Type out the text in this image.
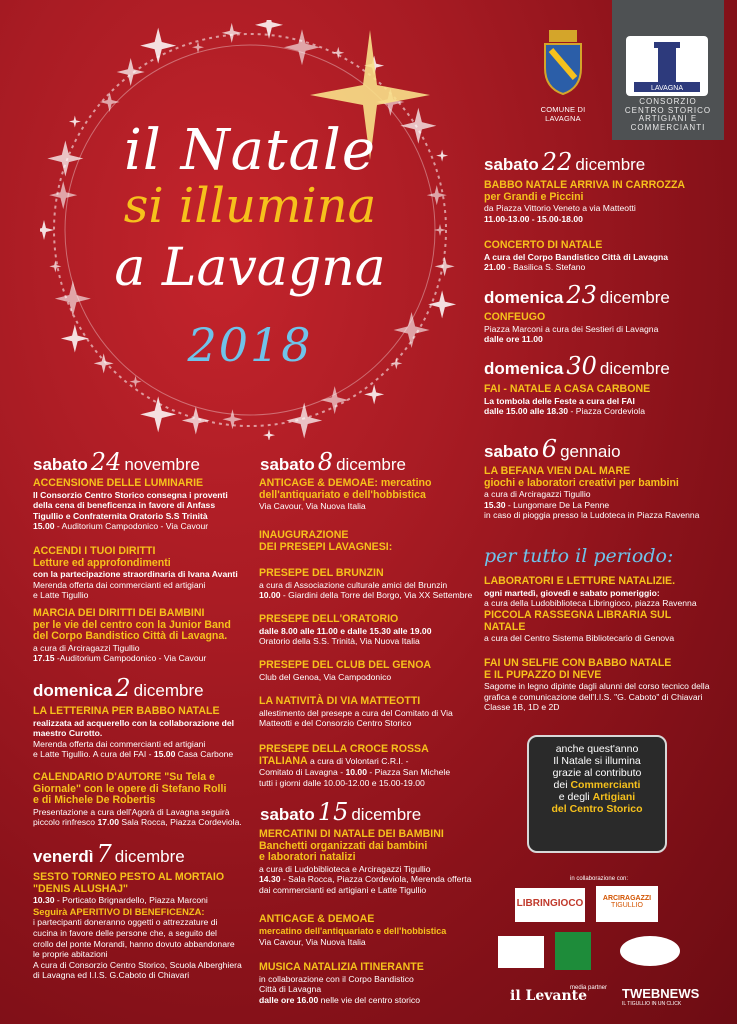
il Natale
si illumina
a Lavagna
2018
COMUNE DI LAVAGNA
LAVAGNA
CONSORZIO
CENTRO STORICO
ARTIGIANI E
COMMERCIANTI
sabato 24 novembre
ACCENSIONE DELLE LUMINARIE
Il Consorzio Centro Storico consegna i proventi
della cena di beneficenza in favore di Anfass
Tigullio e Confraternita Oratorio S.S Trinità
15.00 - Auditorium Campodonico - Via Cavour
ACCENDI I TUOI DIRITTI
Letture ed approfondimenti
con la partecipazione straordinaria di Ivana Avanti
Merenda offerta dai commercianti ed artigiani
e Latte Tigullio
MARCIA DEI DIRITTI DEI BAMBINI
per le vie del centro con la Junior Band
del Corpo Bandistico Città di Lavagna.
a cura di Arciragazzi Tigullio
17.15 -Auditorium Campodonico - Via Cavour
domenica 2 dicembre
LA LETTERINA PER BABBO NATALE
realizzata ad acquerello con la collaborazione del
maestro Curotto.
Merenda offerta dai commercianti ed artigiani
e Latte Tigullio. A cura del FAI - 15.00 Casa Carbone
CALENDARIO D'AUTORE "Su Tela e
Giornale" con le opere di Stefano Rolli
e di Michele De Robertis
Presentazione a cura dell'Agorà di Lavagna seguirà
piccolo rinfresco 17.00 Sala Rocca, Piazza Cordeviola.
venerdì 7 dicembre
SESTO TORNEO PESTO AL MORTAIO
"DENIS ALUSHAJ"
10.30 - Porticato Brignardello, Piazza Marconi
Seguirà APERITIVO DI BENEFICENZA:
i partecipanti doneranno oggetti o attrezzature di
cucina in favore delle persone che, a seguito del
crollo del ponte Morandi, hanno dovuto abbandonare
le proprie abitazioni
A cura di Consorzio Centro Storico, Scuola Alberghiera
di Lavagna ed I.I.S. G.Caboto di Chiavari
sabato 8 dicembre
ANTICAGE & DEMOAE: mercatino
dell'antiquariato e dell'hobbistica
Via Cavour, Via Nuova Italia
INAUGURAZIONE
DEI PRESEPI LAVAGNESI:
PRESEPE DEL BRUNZIN
a cura di Associazione culturale amici del Brunzin
10.00 - Giardini della Torre del Borgo, Via XX Settembre
PRESEPE DELL'ORATORIO
dalle 8.00 alle 11.00 e dalle 15.30 alle 19.00
Oratorio della S.S. Trinità, Via Nuova Italia
PRESEPE DEL CLUB DEL GENOA
Club del Genoa, Via Campodonico
LA NATIVITÀ DI VIA MATTEOTTI
allestimento del presepe a cura del Comitato di Via
Matteotti e del Consorzio Centro Storico
PRESEPE DELLA CROCE ROSSA
ITALIANA a cura di Volontari C.R.I. -
Comitato di Lavagna - 10.00 - Piazza San Michele
tutti i giorni dalle 10.00-12.00 e 15.00-19.00
sabato 15 dicembre
MERCATINI DI NATALE DEI BAMBINI
Banchetti organizzati dai bambini
e laboratori natalizi
a cura di Ludobiblioteca e Arciragazzi Tigullio
14.30 - Sala Rocca, Piazza Cordeviola, Merenda offerta
dai commercianti ed artigiani e Latte Tigullio
ANTICAGE & DEMOAE
mercatino dell'antiquariato e dell'hobbistica
Via Cavour, Via Nuova Italia
MUSICA NATALIZIA ITINERANTE
in collaborazione con il Corpo Bandistico
Città di Lavagna
dalle ore 16.00 nelle vie del centro storico
sabato 22 dicembre
BABBO NATALE ARRIVA IN CARROZZA
per Grandi e Piccini
da Piazza Vittorio Veneto a via Matteotti
11.00-13.00 - 15.00-18.00
CONCERTO DI NATALE
A cura del Corpo Bandistico Città di Lavagna
21.00 - Basilica S. Stefano
domenica 23 dicembre
CONFEUGO
Piazza Marconi a cura dei Sestieri di Lavagna
dalle ore 11.00
domenica 30 dicembre
FAI - NATALE A CASA CARBONE
La tombola delle Feste a cura del FAI
dalle 15.00 alle 18.30 - Piazza Cordeviola
sabato 6 gennaio
LA BEFANA VIEN DAL MARE
giochi e laboratori creativi per bambini
a cura di Arciragazzi Tigullio
15.30 - Lungomare De La Penne
in caso di pioggia presso la Ludoteca in Piazza Ravenna
per tutto il periodo:
LABORATORI E LETTURE NATALIZIE.
ogni martedì, giovedì e sabato pomeriggio:
a cura della Ludobiblioteca Libringioco, piazza Ravenna
PICCOLA RASSEGNA LIBRARIA SUL
NATALE
a cura del Centro Sistema Bibliotecario di Genova
FAI UN SELFIE CON BABBO NATALE
E IL PUPAZZO DI NEVE
Sagome in legno dipinte dagli alunni del corso tecnico della
grafica e comunicazione dell'I.I.S. "G. Caboto" di Chiavari
Classe 1B, 1D e 2D
anche quest'anno
Il Natale si illumina
grazie al contributo
dei Commercianti
e degli Artigiani
del Centro Storico
in collaborazione con:
LIBRINGIOCO	ARCIRAGAZZI
TIGULLIO
media partner
il Levante	TWEBNEWS
IL TIGULLIO IN UN CLICK
